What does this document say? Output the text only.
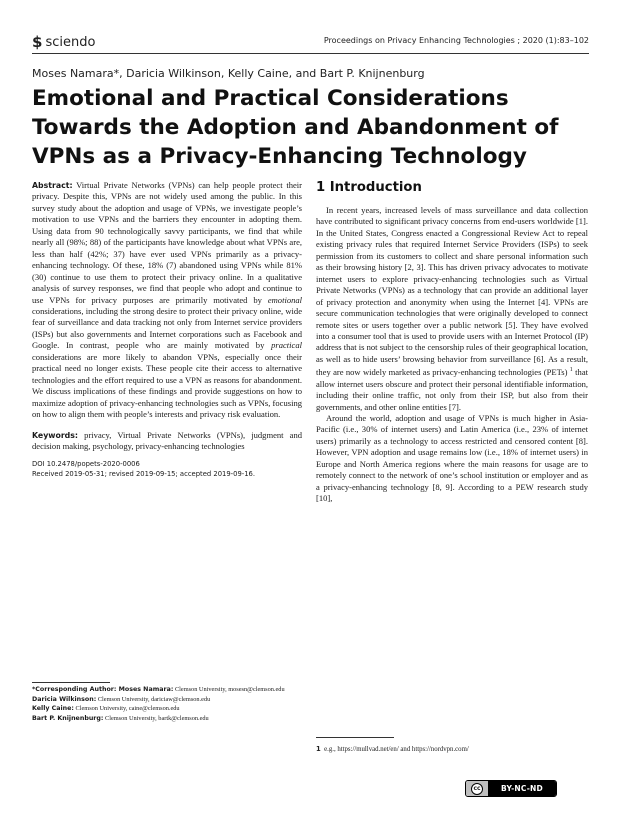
$ sciendo	Proceedings on Privacy Enhancing Technologies ; 2020 (1):83–102
Moses Namara*, Daricia Wilkinson, Kelly Caine, and Bart P. Knijnenburg
Emotional and Practical Considerations Towards the Adoption and Abandonment of VPNs as a Privacy-Enhancing Technology

Abstract: Virtual Private Networks (VPNs) can help people protect their privacy. Despite this, VPNs are not widely used among the public. In this survey study about the adoption and usage of VPNs, we investigate people’s motivation to use VPNs and the barriers they encounter in adopting them. Using data from 90 technologically savvy participants, we find that while nearly all (98%; 88) of the participants have knowledge about what VPNs are, less than half (42%; 37) have ever used VPNs primarily as a privacy-enhancing technology. Of these, 18% (7) abandoned using VPNs while 81% (30) continue to use them to protect their privacy online. In a qualitative analysis of survey responses, we find that people who adopt and continue to use VPNs for privacy purposes are primarily motivated by emotional considerations, including the strong desire to protect their privacy online, wide fear of surveillance and data tracking not only from Internet service providers (ISPs) but also governments and Internet corporations such as Facebook and Google. In contrast, people who are mainly motivated by practical considerations are more likely to abandon VPNs, especially once their practical need no longer exists. These people cite their access to alternative technologies and the effort required to use a VPN as reasons for abandonment. We discuss implications of these findings and provide suggestions on how to maximize adoption of privacy-enhancing technologies such as VPNs, focusing on how to align them with people’s interests and privacy risk evaluation.

Keywords: privacy, Virtual Private Networks (VPNs), judgment and decision making, psychology, privacy-enhancing technologies

DOI 10.2478/popets-2020-0006
Received 2019-05-31; revised 2019-09-15; accepted 2019-09-16.

*Corresponding Author: Moses Namara: Clemson University, mosesn@clemson.edu

Daricia Wilkinson: Clemson University, dariciaw@clemson.edu

Kelly Caine: Clemson University, caine@clemson.edu

Bart P. Knijnenburg: Clemson University, bartk@clemson.edu

1 Introduction

In recent years, increased levels of mass surveillance and data collection have contributed to significant privacy concerns from end-users worldwide [1]. In the United States, Congress enacted a Congressional Review Act to repeal existing privacy rules that required Internet Service Providers (ISPs) to seek permission from its customers to collect and share personal information such as their browsing history [2, 3]. This has driven privacy advocates to motivate internet users to explore privacy-enhancing technologies such as Virtual Private Networks (VPNs) as a technology that can provide an additional layer of privacy protection and anonymity when using the Internet [4]. VPNs are secure communication technologies that were originally developed to connect remote sites or users together over a public network [5]. They have evolved into a consumer tool that is used to provide users with an Internet Protocol (IP) address that is not subject to the censorship rules of their geographical location, as well as to hide users’ browsing behavior from surveillance [6]. As a result, they are now widely marketed as privacy-enhancing technologies (PETs) $^1$ that allow internet users obscure and protect their personal identifiable information, including their online traffic, not only from their ISP, but also from their governments, and other online entities [7].

Around the world, adoption and usage of VPNs is much higher in Asia-Pacific (i.e., 30% of internet users) and Latin America (i.e., 23% of internet users) primarily as a technology to access restricted and censored content [8]. However, VPN adoption and usage remains low (i.e., 18% of internet users) in Europe and North America regions where the main reasons for usage are to remotely connect to the network of one’s school institution or employer and as a privacy-enhancing technology [8, 9]. According to a PEW research study [10],

1 e.g., https://mullvad.net/en/ and https://nordvpn.com/
cc	BY-NC-ND
